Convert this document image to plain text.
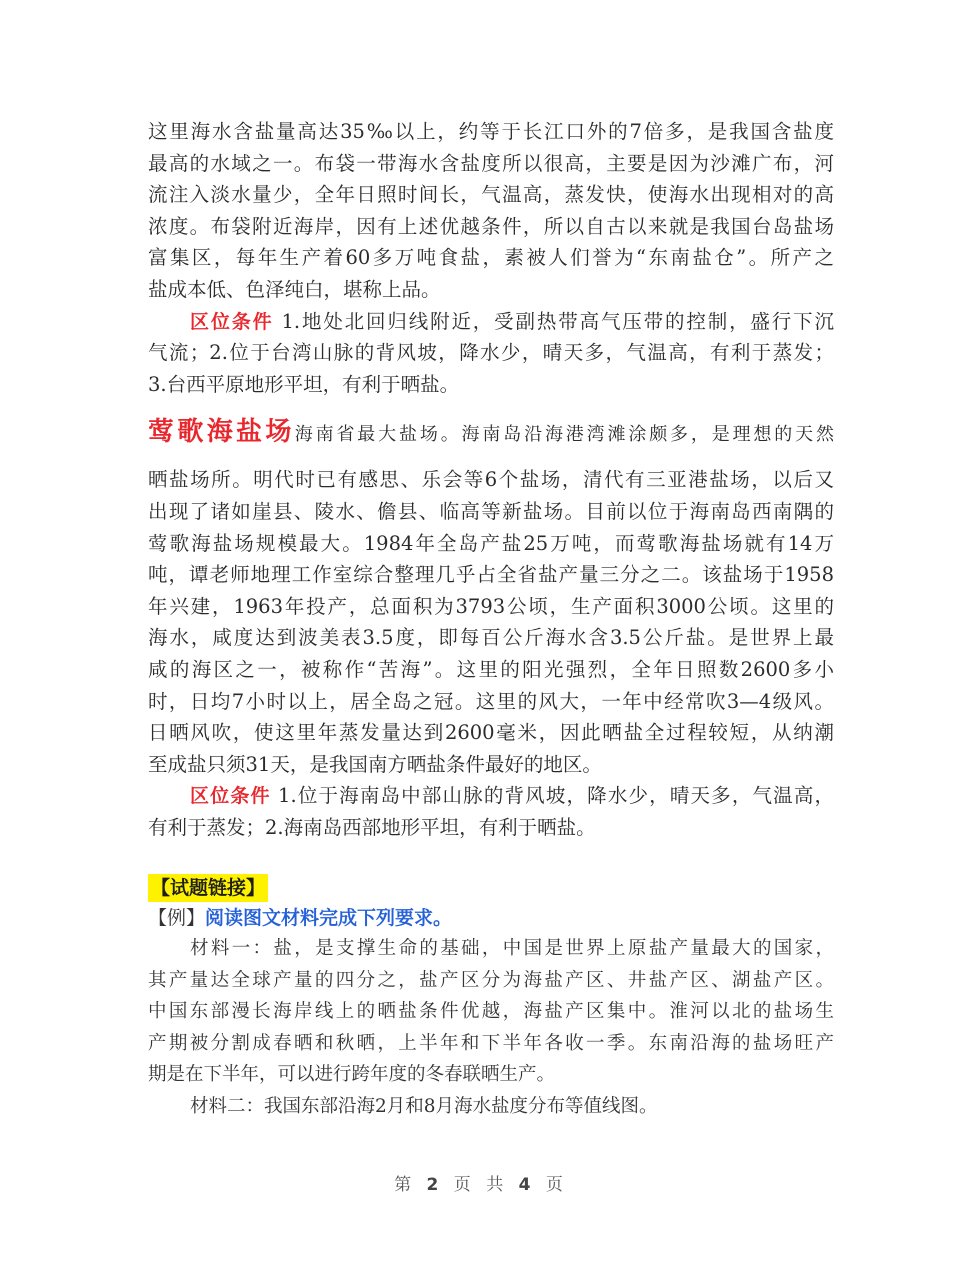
这里海水含盐量高达35‰以上，约等于长江口外的7倍多，是我国含盐度
最高的水域之一。布袋一带海水含盐度所以很高，主要是因为沙滩广布，河
流注入淡水量少，全年日照时间长，气温高，蒸发快，使海水出现相对的高
浓度。布袋附近海岸，因有上述优越条件，所以自古以来就是我国台岛盐场
富集区，每年生产着60多万吨食盐，素被人们誉为“东南盐仓”。所产之
盐成本低、色泽纯白，堪称上品。
区位条件 1.地处北回归线附近，受副热带高气压带的控制，盛行下沉
气流；2.位于台湾山脉的背风坡，降水少，晴天多，气温高，有利于蒸发；
3.台西平原地形平坦，有利于晒盐。
莺歌海盐场海南省最大盐场。海南岛沿海港湾滩涂颇多，是理想的天然
晒盐场所。明代时已有感思、乐会等6个盐场，清代有三亚港盐场，以后又
出现了诸如崖县、陵水、儋县、临高等新盐场。目前以位于海南岛西南隅的
莺歌海盐场规模最大。1984年全岛产盐25万吨，而莺歌海盐场就有14万
吨，谭老师地理工作室综合整理几乎占全省盐产量三分之二。该盐场于1958
年兴建，1963年投产，总面积为3793公顷，生产面积3000公顷。这里的
海水，咸度达到波美表3.5度，即每百公斤海水含3.5公斤盐。是世界上最
咸的海区之一，被称作“苦海”。这里的阳光强烈，全年日照数2600多小
时，日均7小时以上，居全岛之冠。这里的风大，一年中经常吹3—4级风。
日晒风吹，使这里年蒸发量达到2600毫米，因此晒盐全过程较短，从纳潮
至成盐只须31天，是我国南方晒盐条件最好的地区。
区位条件 1.位于海南岛中部山脉的背风坡，降水少，晴天多，气温高，
有利于蒸发；2.海南岛西部地形平坦，有利于晒盐。
【试题链接】
【例】阅读图文材料完成下列要求。
材料一：盐，是支撑生命的基础，中国是世界上原盐产量最大的国家，
其产量达全球产量的四分之，盐产区分为海盐产区、井盐产区、湖盐产区。
中国东部漫长海岸线上的晒盐条件优越，海盐产区集中。淮河以北的盐场生
产期被分割成春晒和秋晒，上半年和下半年各收一季。东南沿海的盐场旺产
期是在下半年，可以进行跨年度的冬春联晒生产。
材料二：我国东部沿海2月和8月海水盐度分布等值线图。
第 2 页 共 4 页
